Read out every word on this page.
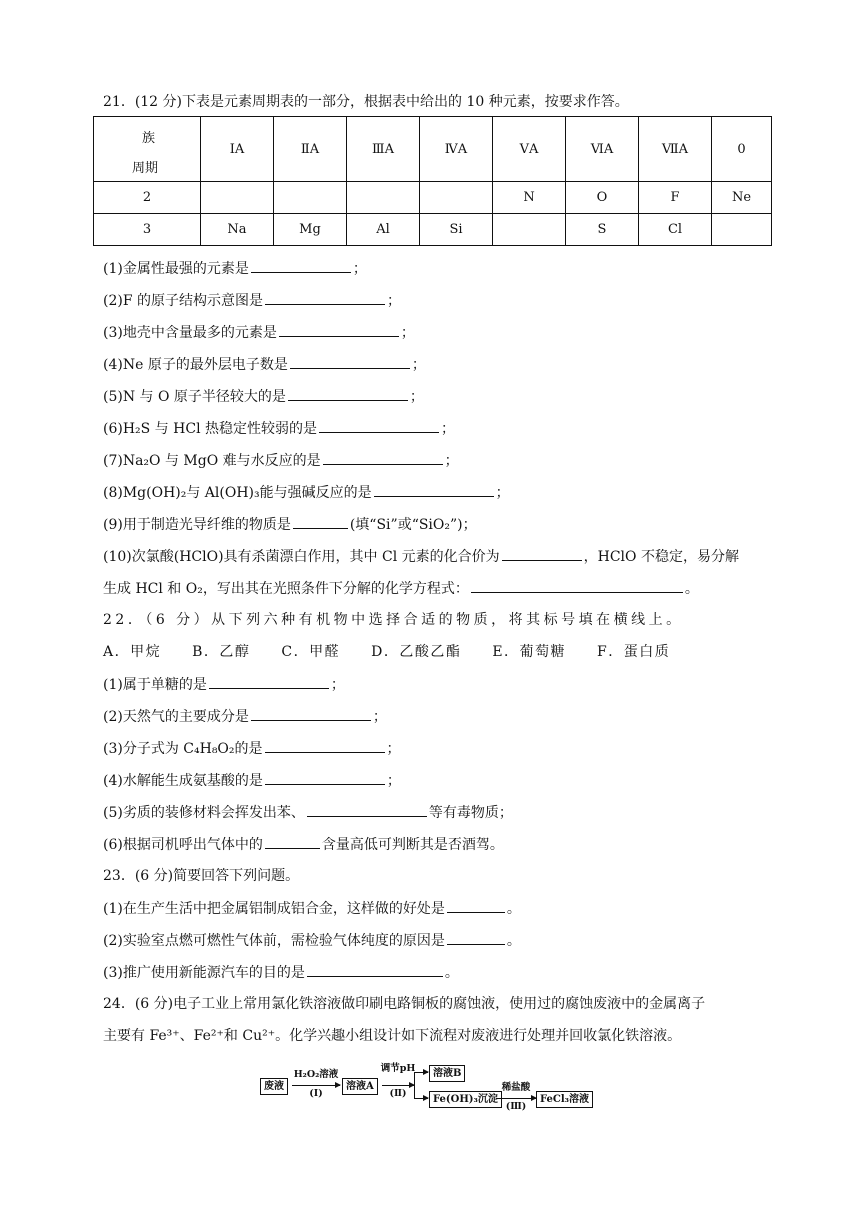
21．(12 分)下表是元素周期表的一部分，根据表中给出的 10 种元素，按要求作答。
族
周期	ⅠA	ⅡA	ⅢA	ⅣA	ⅤA	ⅥA	ⅦA	0
2					N	O	F	Ne
3	Na	Mg	Al	Si		S	Cl	
(1)金属性最强的元素是	；
(2)F 的原子结构示意图是	；
(3)地壳中含量最多的元素是	；
(4)Ne 原子的最外层电子数是	；
(5)N 与 O 原子半径较大的是	；
(6)H₂S 与 HCl 热稳定性较弱的是	；
(7)Na₂O 与 MgO 难与水反应的是	；
(8)Mg(OH)₂与 Al(OH)₃能与强碱反应的是	；
(9)用于制造光导纤维的物质是	(填“Si”或“SiO₂”)；
(10)次氯酸(HClO)具有杀菌漂白作用，其中 Cl 元素的化合价为	，HClO 不稳定，易分解
生成 HCl 和 O₂，写出其在光照条件下分解的化学方程式：	。
22．（6 分）从下列六种有机物中选择合适的物质，将其标号填在横线上。
A．甲烷　　B．乙醇　　C．甲醛　　D．乙酸乙酯　　E．葡萄糖　　F．蛋白质
(1)属于单糖的是	；
(2)天然气的主要成分是	；
(3)分子式为 C₄H₈O₂的是	；
(4)水解能生成氨基酸的是	；
(5)劣质的装修材料会挥发出苯、	等有毒物质；
(6)根据司机呼出气体中的	含量高低可判断其是否酒驾。
23．(6 分)简要回答下列问题。
(1)在生产生活中把金属铝制成铝合金，这样做的好处是	。
(2)实验室点燃可燃性气体前，需检验气体纯度的原因是	。
(3)推广使用新能源汽车的目的是	。
24．(6 分)电子工业上常用氯化铁溶液做印刷电路铜板的腐蚀液，使用过的腐蚀废液中的金属离子
主要有 Fe³⁺、Fe²⁺和 Cu²⁺。化学兴趣小组设计如下流程对废液进行处理并回收氯化铁溶液。
废液
H₂O₂溶液
(Ⅰ)
溶液A
调节pH
(Ⅱ)
溶液B
Fe(OH)₃沉淀
稀盐酸
(Ⅲ)
FeCl₃溶液
